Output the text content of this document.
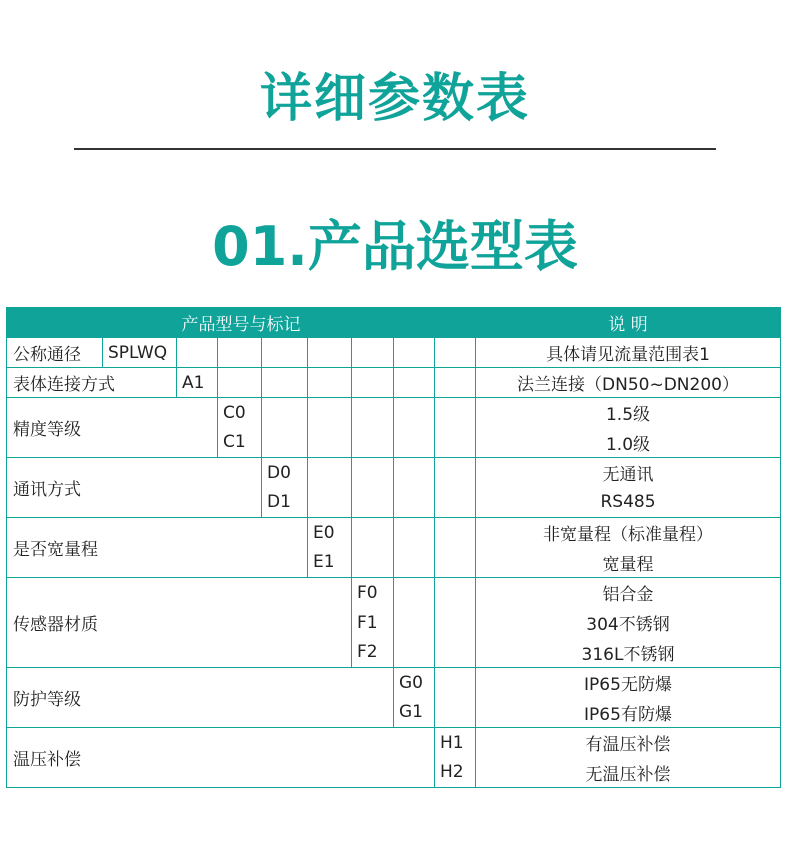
详细参数表
01.产品选型表
产品型号与标记									说 明
公称通径	SPLWQ								具体请见流量范围表1
表体连接方式		A1							法兰连接（DN50~DN200）
精度等级			C0						1.5级
			C1						1.0级
通讯方式				D0					无通讯
				D1					RS485
是否宽量程					E0				非宽量程（标准量程）
					E1				宽量程
传感器材质						F0			铝合金
						F1			304不锈钢
						F2			316L不锈钢
防护等级							G0		IP65无防爆
							G1		IP65有防爆
温压补偿								H1	有温压补偿
								H2	无温压补偿
